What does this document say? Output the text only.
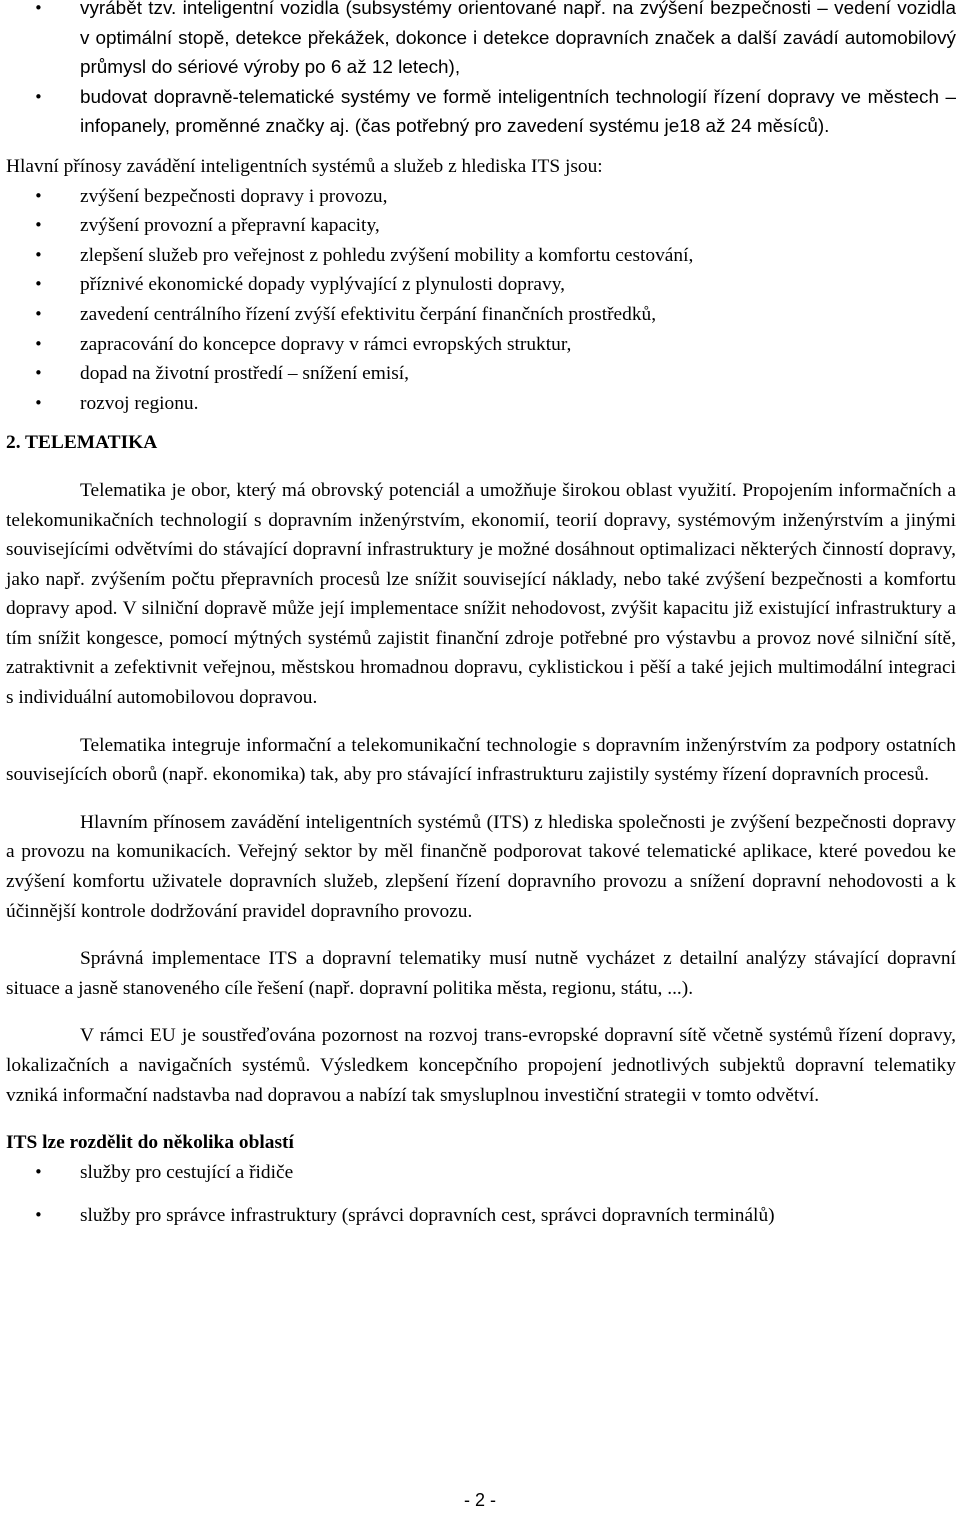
• vyrábět tzv. inteligentní vozidla (subsystémy orientované např. na zvýšení bezpečnosti – vedení vozidla v optimální stopě, detekce překážek, dokonce i detekce dopravních značek a další zavádí automobilový průmysl do sériové výroby po 6 až 12 letech),
• budovat dopravně-telematické systémy ve formě inteligentních technologií řízení dopravy ve městech – infopanely, proměnné značky aj. (čas potřebný pro zavedení systému je18 až 24 měsíců).

Hlavní přínosy zavádění inteligentních systémů a služeb z hlediska ITS jsou:

• zvýšení bezpečnosti dopravy i provozu,
• zvýšení provozní a přepravní kapacity,
• zlepšení služeb pro veřejnost z pohledu zvýšení mobility a komfortu cestování,
• příznivé ekonomické dopady vyplývající z plynulosti dopravy,
• zavedení centrálního řízení zvýší efektivitu čerpání finančních prostředků,
• zapracování do koncepce dopravy v rámci evropských struktur,
• dopad na životní prostředí – snížení emisí,
• rozvoj regionu.
2. TELEMATIKA

Telematika je obor, který má obrovský potenciál a umožňuje širokou oblast využití. Propojením informačních a telekomunikačních technologií s dopravním inženýrstvím, ekonomií, teorií dopravy, systémovým inženýrstvím a jinými souvisejícími odvětvími do stávající dopravní infrastruktury je možné dosáhnout optimalizaci některých činností dopravy, jako např. zvýšením počtu přepravních procesů lze snížit související náklady, nebo také zvýšení bezpečnosti a komfortu dopravy apod. V silniční dopravě může její implementace snížit nehodovost, zvýšit kapacitu již existující infrastruktury a tím snížit kongesce, pomocí mýtných systémů zajistit finanční zdroje potřebné pro výstavbu a provoz nové silniční sítě, zatraktivnit a zefektivnit veřejnou, městskou hromadnou dopravu, cyklistickou i pěší a také jejich multimodální integraci s individuální automobilovou dopravou.

Telematika integruje informační a telekomunikační technologie s dopravním inženýrstvím za podpory ostatních souvisejících oborů (např. ekonomika) tak, aby pro stávající infrastrukturu zajistily systémy řízení dopravních procesů.

Hlavním přínosem zavádění inteligentních systémů (ITS) z hlediska společnosti je zvýšení bezpečnosti dopravy a provozu na komunikacích. Veřejný sektor by měl finančně podporovat takové telematické aplikace, které povedou ke zvýšení komfortu uživatele dopravních služeb, zlepšení řízení dopravního provozu a snížení dopravní nehodovosti a k účinnější kontrole dodržování pravidel dopravního provozu.

Správná implementace ITS a dopravní telematiky musí nutně vycházet z detailní analýzy stávající dopravní situace a jasně stanoveného cíle řešení (např. dopravní politika města, regionu, státu, ...).

V rámci EU je soustřeďována pozornost na rozvoj trans-evropské dopravní sítě včetně systémů řízení dopravy, lokalizačních a navigačních systémů. Výsledkem koncepčního propojení jednotlivých subjektů dopravní telematiky vzniká informační nadstavba nad dopravou a nabízí tak smysluplnou investiční strategii v tomto odvětví.

ITS lze rozdělit do několika oblastí
• služby pro cestující a řidiče
• služby pro správce infrastruktury (správci dopravních cest, správci dopravních terminálů)
- 2 -
